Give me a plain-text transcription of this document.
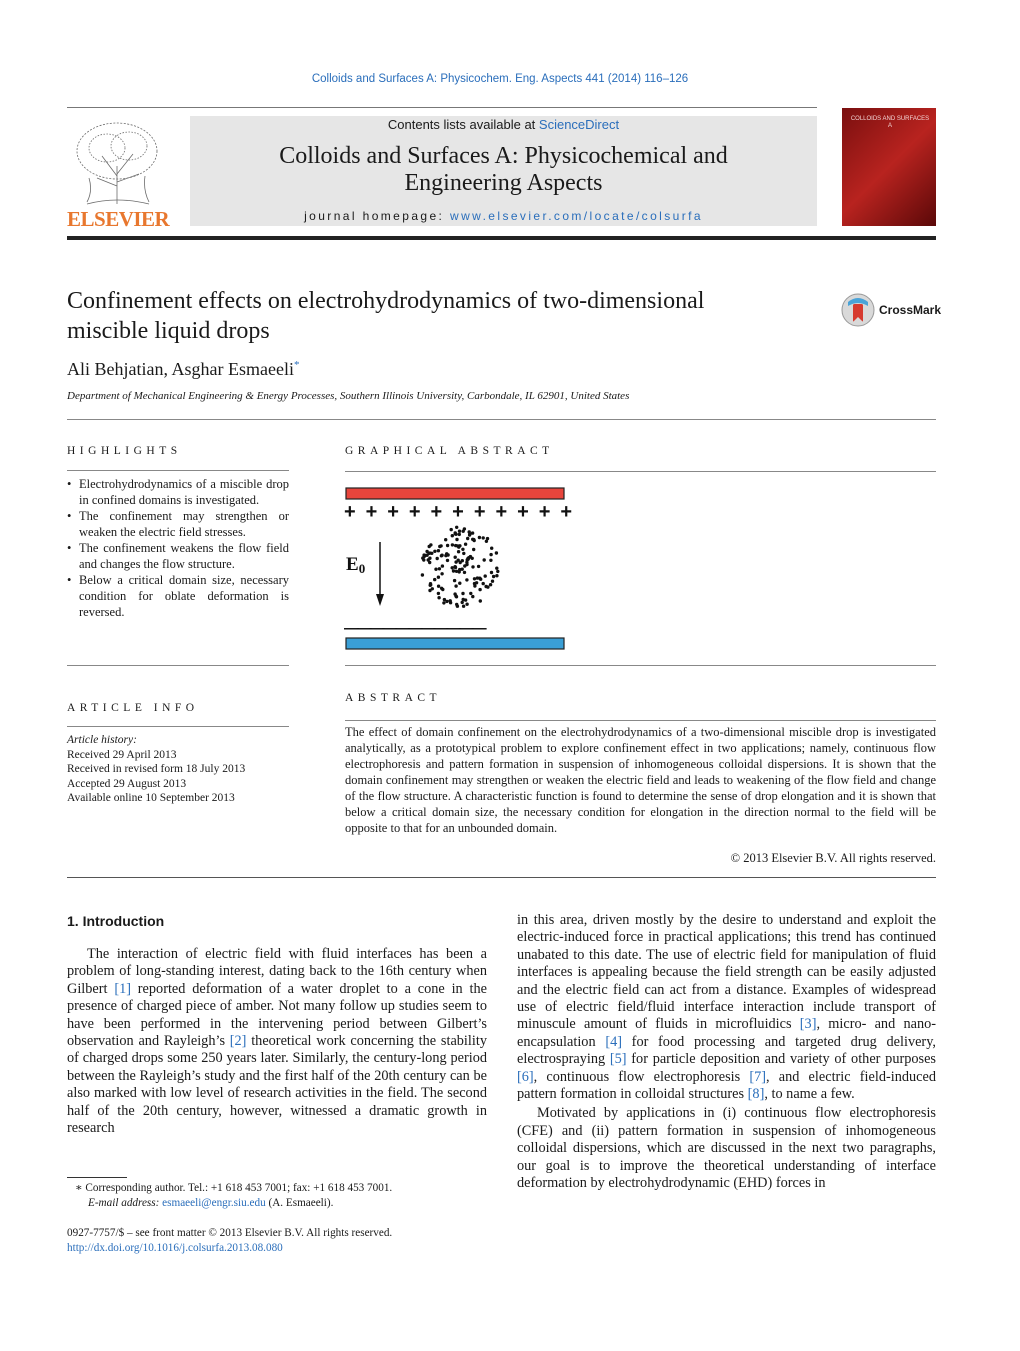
Colloids and Surfaces A: Physicochem. Eng. Aspects 441 (2014) 116–126
ELSEVIER
Contents lists available at ScienceDirect
Colloids and Surfaces A: Physicochemical and
Engineering Aspects
journal homepage: www.elsevier.com/locate/colsurfa
COLLOIDS AND SURFACES A
Confinement effects on electrohydrodynamics of two-dimensional
miscible liquid drops
CrossMark
Ali Behjatian, Asghar Esmaeeli*
Department of Mechanical Engineering & Energy Processes, Southern Illinois University, Carbondale, IL 62901, United States
HIGHLIGHTS
• Electrohydrodynamics of a miscible drop in confined domains is investigated.
• The confinement may strengthen or weaken the electric field stresses.
• The confinement weakens the flow field and changes the flow structure.
• Below a critical domain size, necessary condition for oblate deformation is reversed.
GRAPHICAL ABSTRACT
+ + + + + + + + + + +
E0
— — — — — — — — — — —
ARTICLE INFO
Article history:
Received 29 April 2013
Received in revised form 18 July 2013
Accepted 29 August 2013
Available online 10 September 2013
ABSTRACT
The effect of domain confinement on the electrohydrodynamics of a two-dimensional miscible drop is investigated analytically, as a prototypical problem to explore confinement effect in two applications; namely, continuous flow electrophoresis and pattern formation in suspension of inhomogeneous colloidal dispersions. It is shown that the domain confinement may strengthen or weaken the electric field and leads to weakening of the flow field and change of the flow structure. A characteristic function is found to determine the sense of drop elongation and it is shown that below a critical domain size, the necessary condition for elongation in the direction normal to the field will be opposite to that for an unbounded domain.
© 2013 Elsevier B.V. All rights reserved.
1. Introduction

The interaction of electric field with fluid interfaces has been a problem of long-standing interest, dating back to the 16th century when Gilbert [1] reported deformation of a water droplet to a cone in the presence of charged piece of amber. Not many follow up studies seem to have been performed in the intervening period between Gilbert’s observation and Rayleigh’s [2] theoretical work concerning the stability of charged drops some 250 years later. Similarly, the century-long period between the Rayleigh’s study and the first half of the 20th century can be also marked with low level of research activities in the field. The second half of the 20th century, however, witnessed a dramatic growth in research

in this area, driven mostly by the desire to understand and exploit the electric-induced force in practical applications; this trend has continued unabated to this date. The use of electric field for manipulation of fluid interfaces is appealing because the field strength can be easily adjusted and the electric field can act from a distance. Examples of widespread use of electric field/fluid interface interaction include transport of minuscule amount of fluids in microfluidics [3], micro- and nano-encapsulation [4] for food processing and targeted drug delivery, electrospraying [5] for particle deposition and variety of other purposes [6], continuous flow electrophoresis [7], and electric field-induced pattern formation in colloidal structures [8], to name a few.

Motivated by applications in (i) continuous flow electrophoresis (CFE) and (ii) pattern formation in suspension of inhomogeneous colloidal dispersions, which are discussed in the next two paragraphs, our goal is to improve the theoretical understanding of interface deformation by electrohydrodynamic (EHD) forces in

∗ Corresponding author. Tel.: +1 618 453 7001; fax: +1 618 453 7001.
E-mail address: esmaeeli@engr.siu.edu (A. Esmaeeli).
0927-7757/$ – see front matter © 2013 Elsevier B.V. All rights reserved.
http://dx.doi.org/10.1016/j.colsurfa.2013.08.080
